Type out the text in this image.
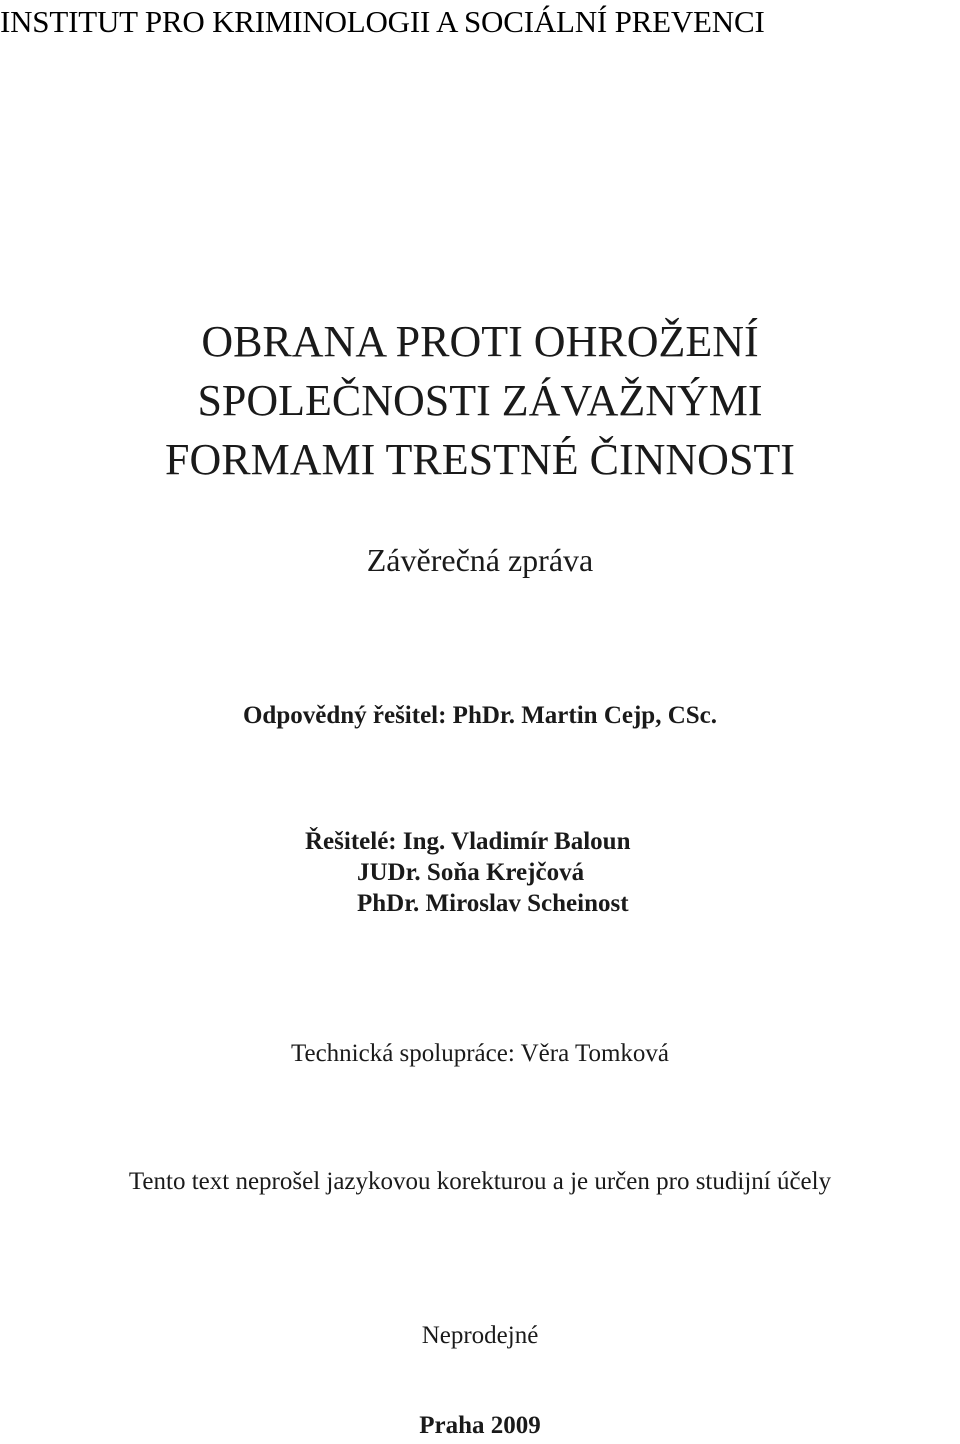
INSTITUT PRO KRIMINOLOGII A SOCIÁLNÍ PREVENCI
OBRANA PROTI OHROŽENÍ
SPOLEČNOSTI ZÁVAŽNÝMI
FORMAMI TRESTNÉ ČINNOSTI
Závěrečná zpráva
Odpovědný řešitel: PhDr. Martin Cejp, CSc.
Řešitelé: Ing. Vladimír Baloun
JUDr. Soňa Krejčová
PhDr. Miroslav Scheinost
Technická spolupráce: Věra Tomková
Tento text neprošel jazykovou korekturou a je určen pro studijní účely
Neprodejné
Praha 2009
